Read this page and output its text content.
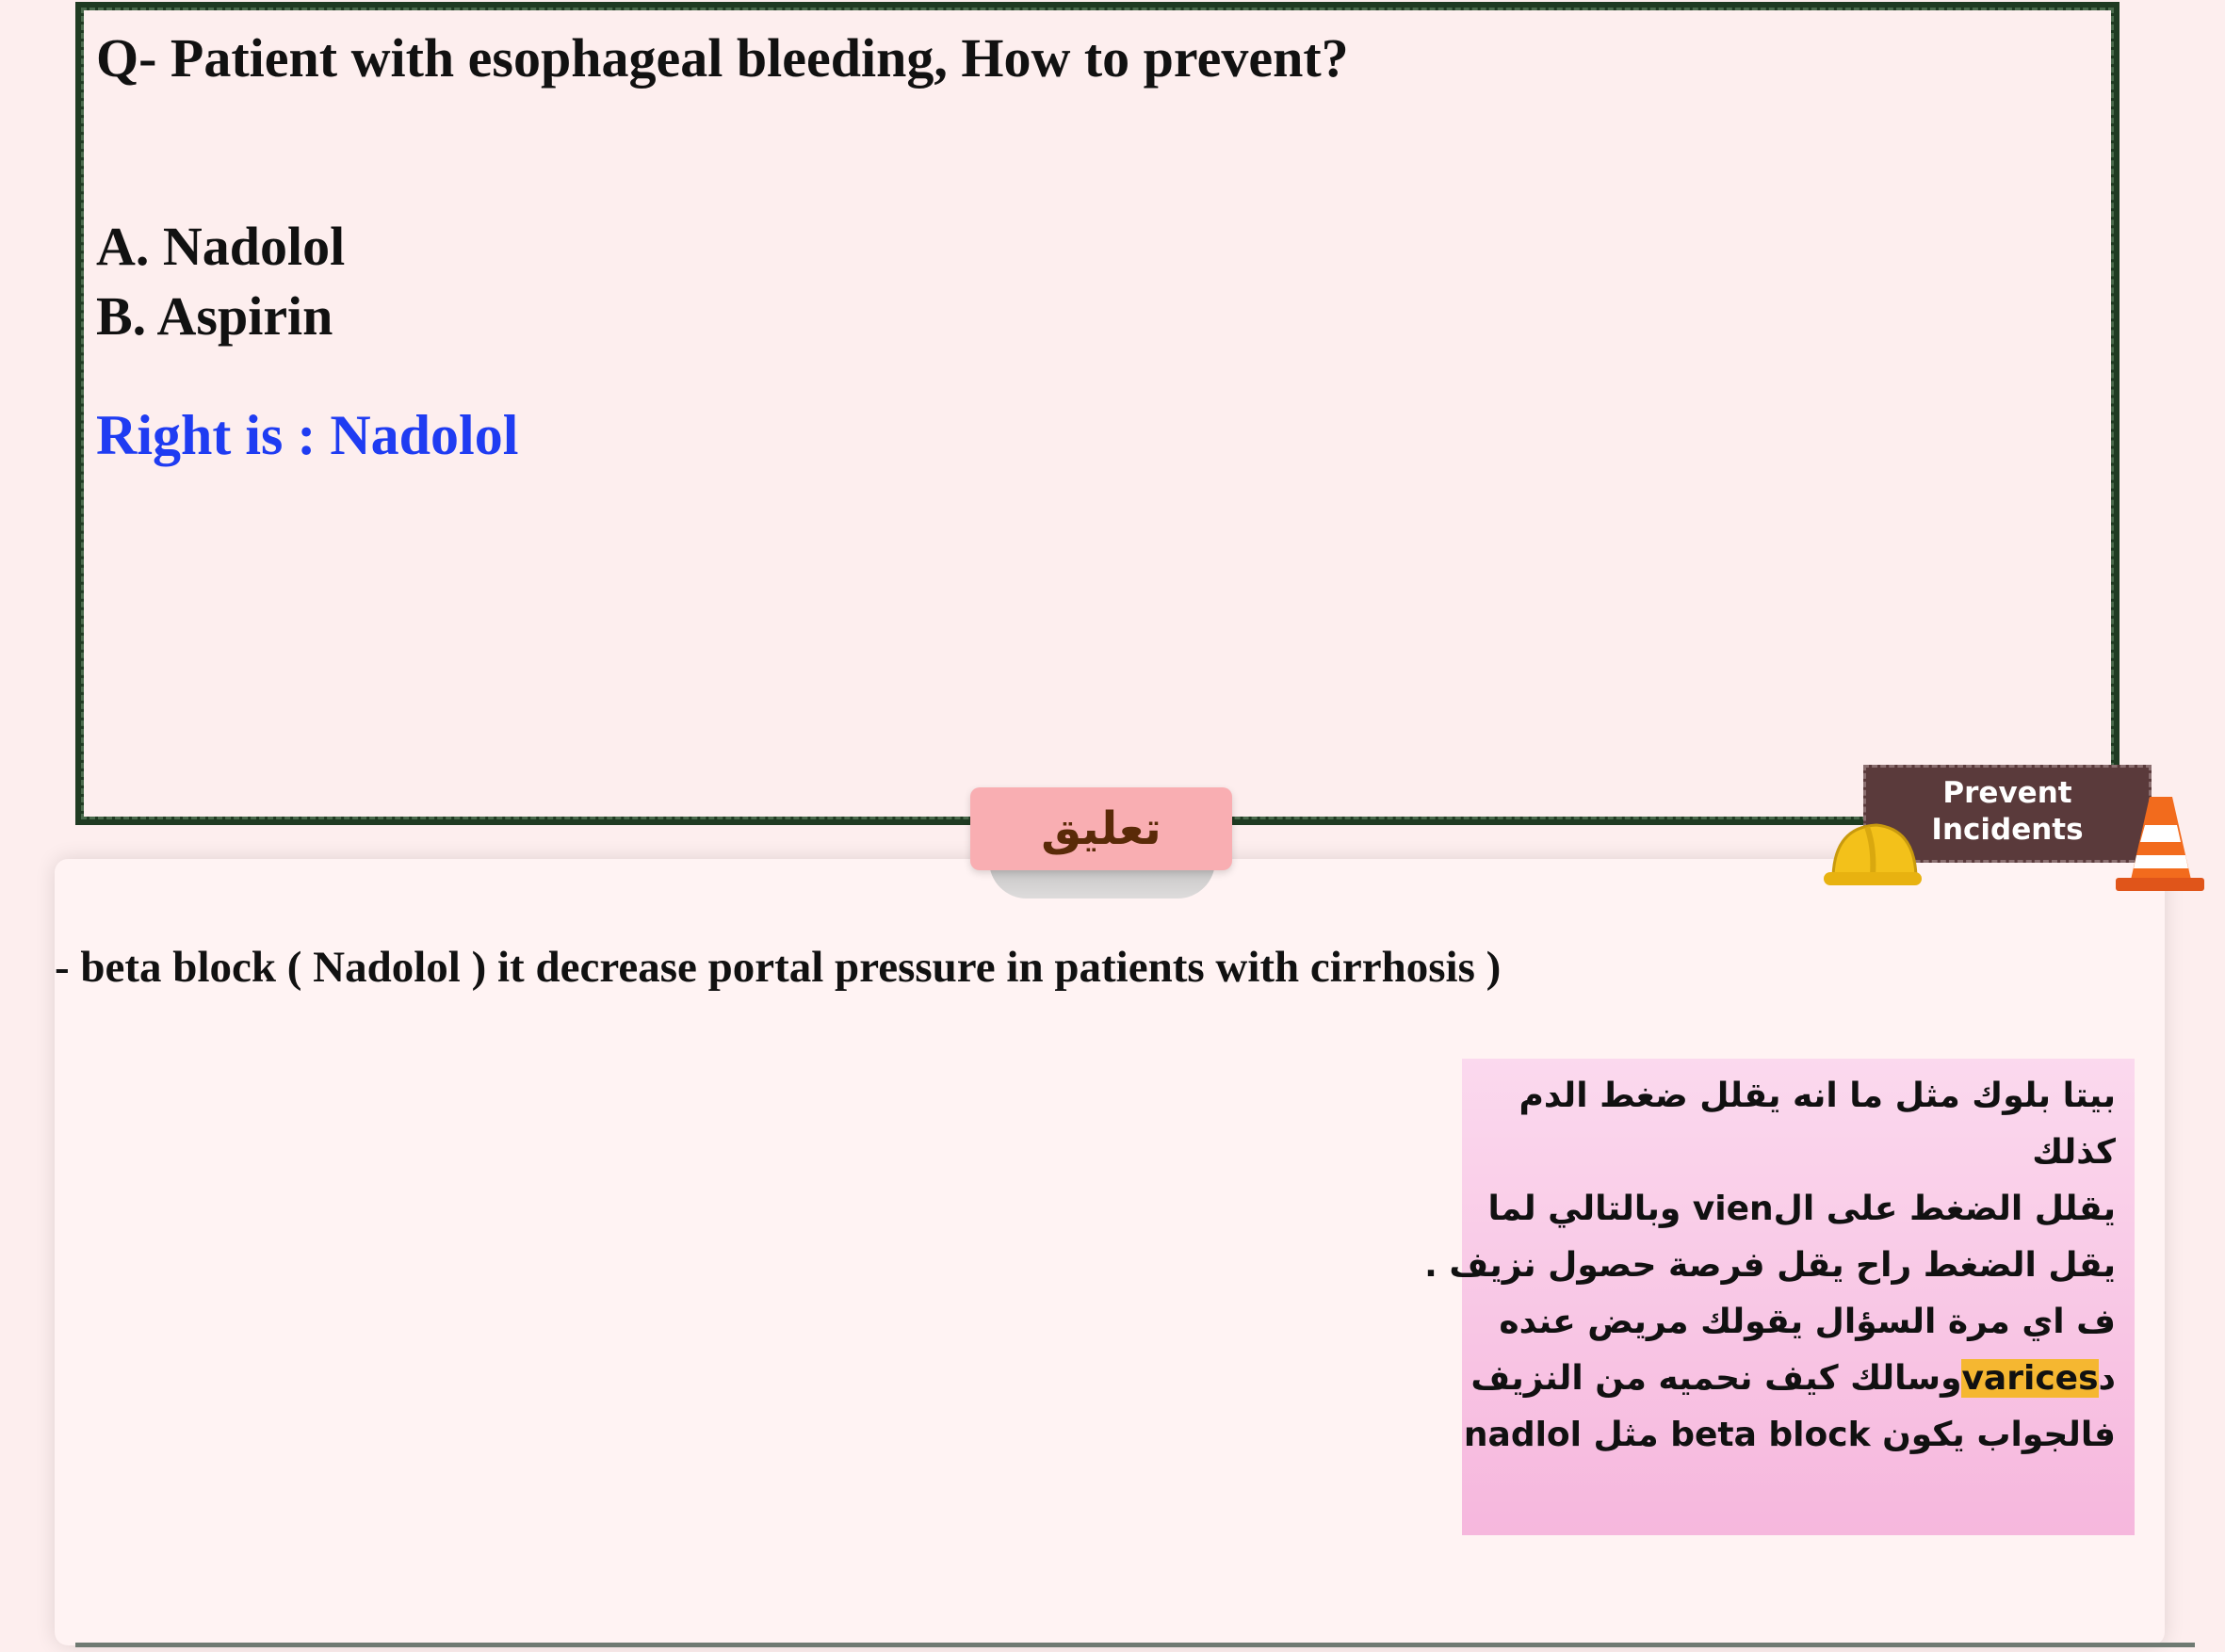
Q- Patient with esophageal bleeding, How to prevent?
A. Nadolol
B. Aspirin
Right is : Nadolol
تعليق
Prevent
Incidents

- beta block ( Nadolol ) it decrease portal pressure in patients with cirrhosis )

بيتا بلوك مثل ما انه يقلل ضغط الدم
كذلك
يقلل الضغط على الvien وبالتالي لما
يقل الضغط راح يقل فرصة حصول نزيف .
ف اي مرة السؤال يقولك مريض عنده
دvaricesوسالك كيف نحميه من النزيف
فالجواب يكون beta block مثل nadlol
